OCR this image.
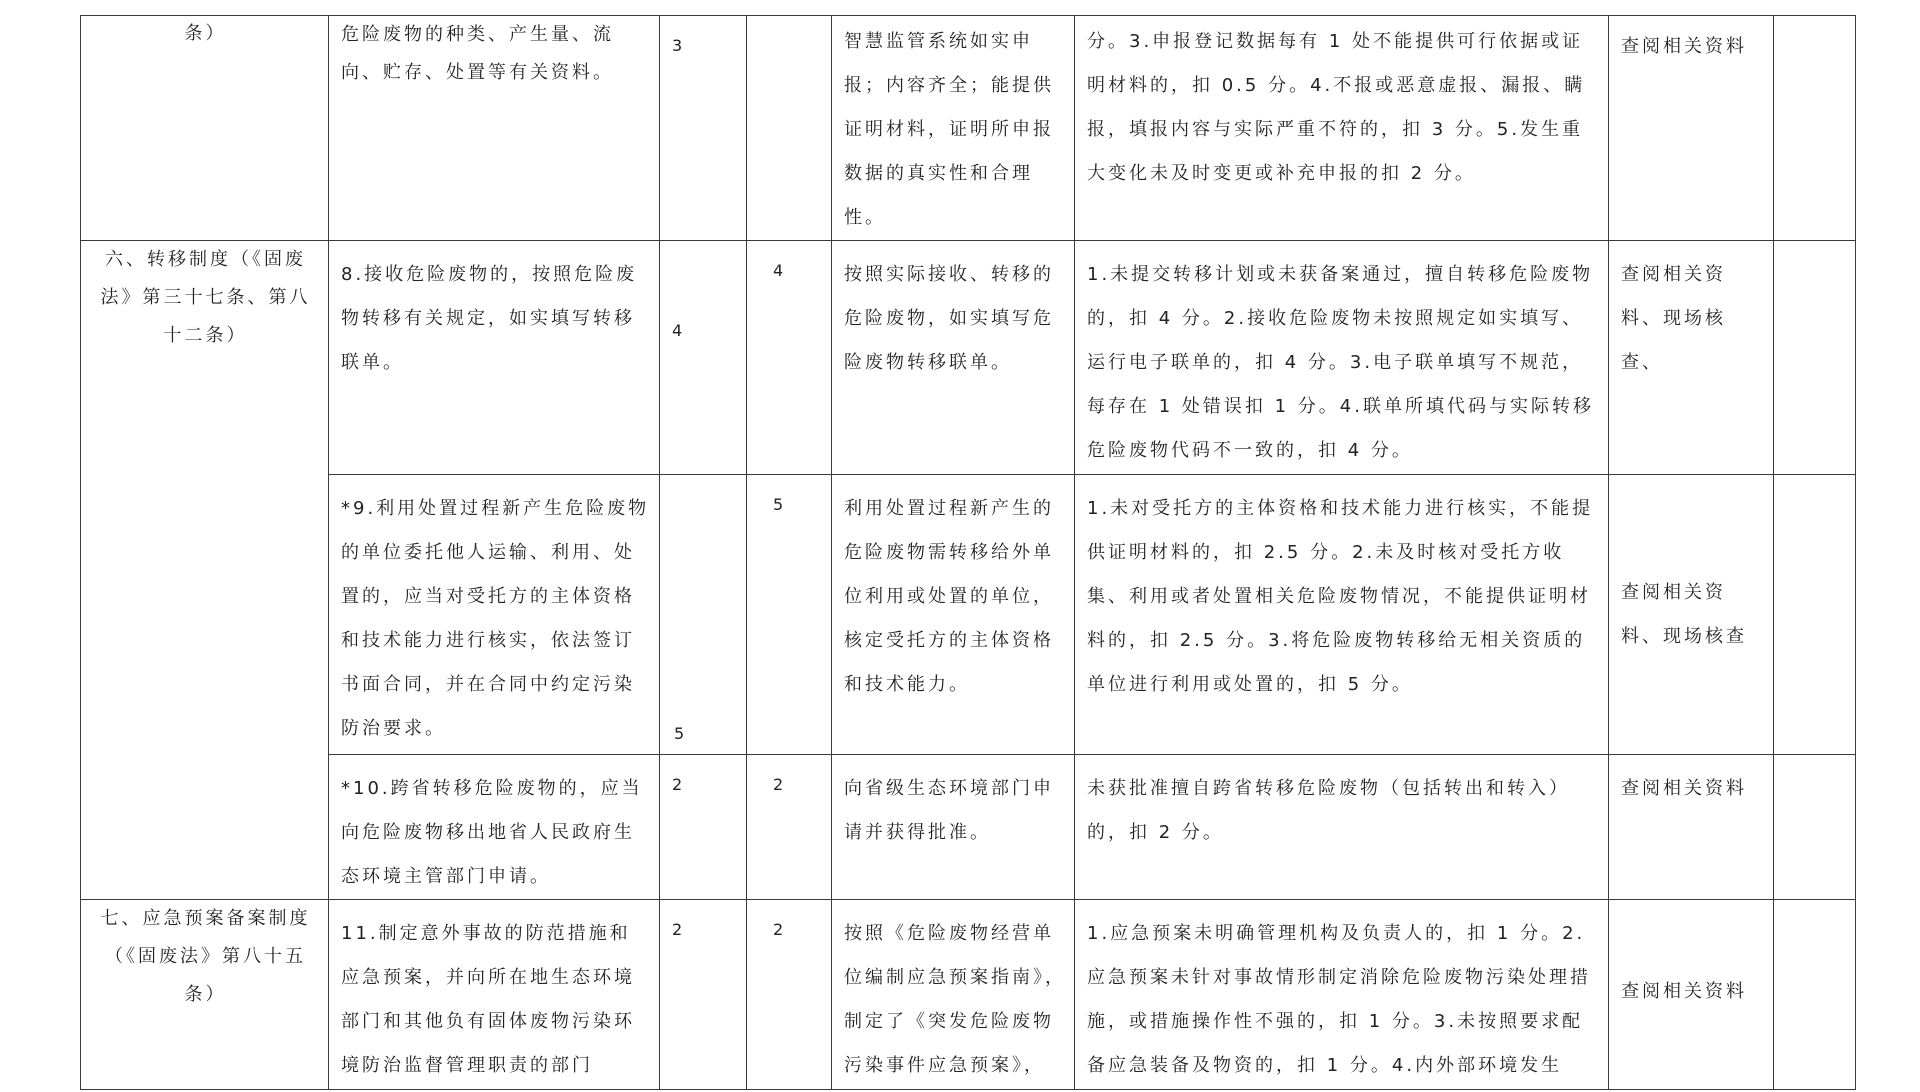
条）	危险废物的种类、产生量、流向、贮存、处置等有关资料。	3		智慧监管系统如实申报；内容齐全；能提供证明材料，证明所申报数据的真实性和合理性。	分。3.申报登记数据每有 1 处不能提供可行依据或证明材料的，扣 0.5 分。4.不报或恶意虚报、漏报、瞒报，填报内容与实际严重不符的，扣 3 分。5.发生重大变化未及时变更或补充申报的扣 2 分。	查阅相关资料	

六、转移制度（《固废法》第三十七条、第八十二条）	8.接收危险废物的，按照危险废物转移有关规定，如实填写转移联单。	4	4	按照实际接收、转移的危险废物，如实填写危险废物转移联单。	1.未提交转移计划或未获备案通过，擅自转移危险废物的，扣 4 分。2.接收危险废物未按照规定如实填写、运行电子联单的，扣 4 分。3.电子联单填写不规范，每存在 1 处错误扣 1 分。4.联单所填代码与实际转移危险废物代码不一致的，扣 4 分。	查阅相关资料、现场核查、	

	*9.利用处置过程新产生危险废物的单位委托他人运输、利用、处置的，应当对受托方的主体资格和技术能力进行核实，依法签订书面合同，并在合同中约定污染防治要求。	5	5	利用处置过程新产生的危险废物需转移给外单位利用或处置的单位，核定受托方的主体资格和技术能力。	1.未对受托方的主体资格和技术能力进行核实，不能提供证明材料的，扣 2.5 分。2.未及时核对受托方收集、利用或者处置相关危险废物情况，不能提供证明材料的，扣 2.5 分。3.将危险废物转移给无相关资质的单位进行利用或处置的，扣 5 分。	查阅相关资料、现场核查	

	*10.跨省转移危险废物的，应当向危险废物移出地省人民政府生态环境主管部门申请。	2	2	向省级生态环境部门申请并获得批准。	未获批准擅自跨省转移危险废物（包括转出和转入）的，扣 2 分。	查阅相关资料	

七、应急预案备案制度（《固废法》第八十五条）	11.制定意外事故的防范措施和应急预案，并向所在地生态环境部门和其他负有固体废物污染环境防治监督管理职责的部门	2	2	按照《危险废物经营单位编制应急预案指南》，制定了《突发危险废物污染事件应急预案》，	1.应急预案未明确管理机构及负责人的，扣 1 分。2.应急预案未针对事故情形制定消除危险废物污染处理措施，或措施操作性不强的，扣 1 分。3.未按照要求配备应急装备及物资的，扣 1 分。4.内外部环境发生	查阅相关资料	
